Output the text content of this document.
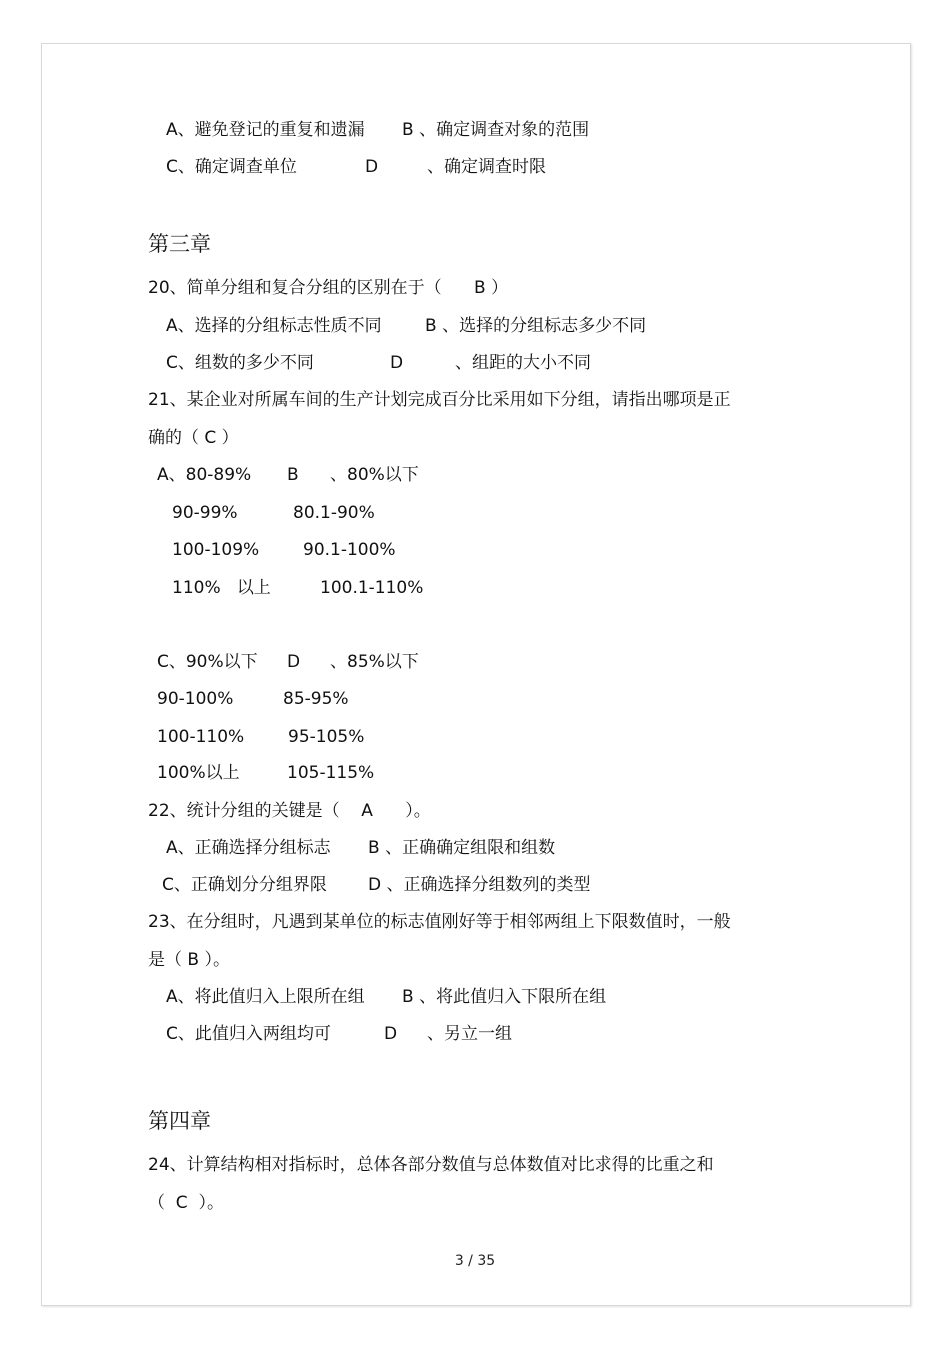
A、避免登记的重复和遗漏 B 、确定调查对象的范围
C、确定调查单位	D	、确定调查时限
第三章
20、简单分组和复合分组的区别在于（      B ）
A、选择的分组标志性质不同	B 、选择的分组标志多少不同
C、组数的多少不同	D	、组距的大小不同
21、某企业对所属车间的生产计划完成百分比采用如下分组，请指出哪项是正
确的（ C ）
A、80-89% B 、80%以下
90-99%	80.1-90%
100-109%	90.1-100%
110%   以上	100.1-110%
C、90%以下 D 、85%以下
90-100%	85-95%
100-110%	95-105%
100%以上	105-115%
22、统计分组的关键是（    A      ）。
A、正确选择分组标志 B 、正确确定组限和组数
C、正确划分分组界限 D 、正确选择分组数列的类型
23、在分组时，凡遇到某单位的标志值刚好等于相邻两组上下限数值时，一般
是（ B ）。
A、将此值归入上限所在组 B 、将此值归入下限所在组
C、此值归入两组均可	D 、另立一组
第四章
24、计算结构相对指标时，总体各部分数值与总体数值对比求得的比重之和
（  C  ）。
3 / 35
